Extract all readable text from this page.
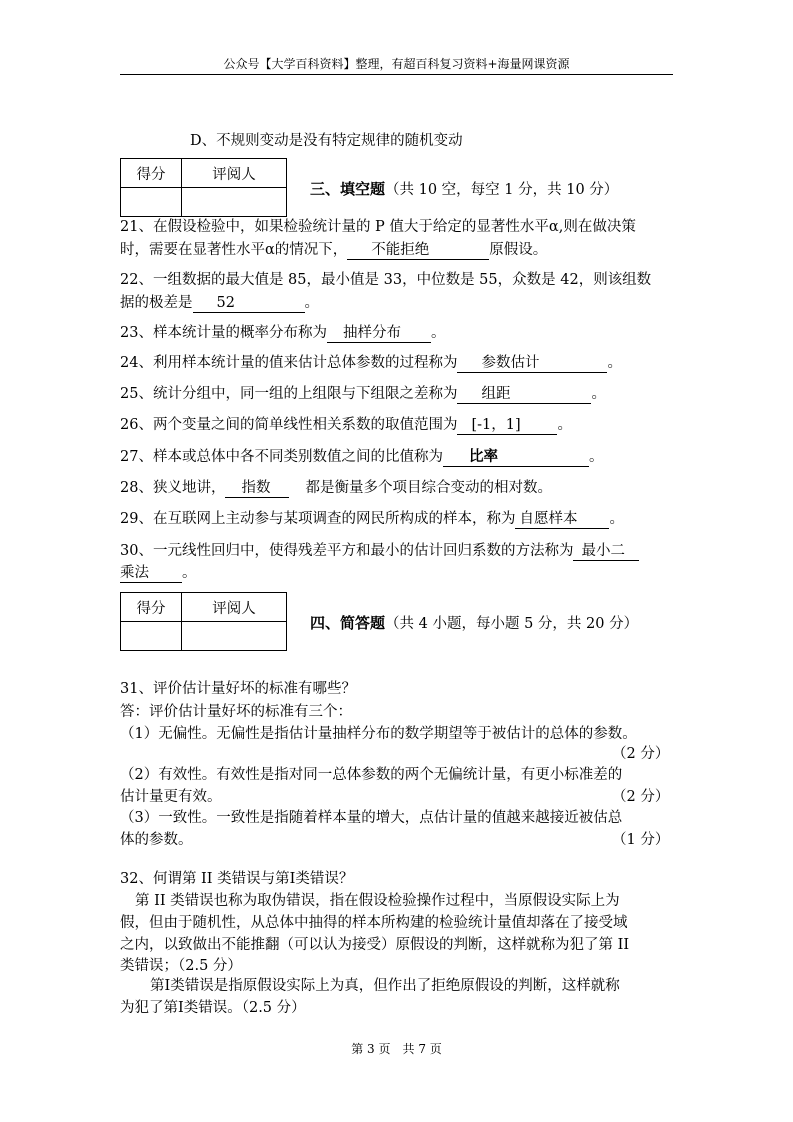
公众号【大学百科资料】整理，有超百科复习资料+海量网课资源
D、不规则变动是没有特定规律的随机变动
得分	评阅人

三、填空题（共 10 空，每空 1 分，共 10 分）
21、在假设检验中，如果检验统计量的 P 值大于给定的显著性水平α,则在做决策
时，需要在显著性水平α的情况下， 不能拒绝	原假设。
22、一组数据的最大值是 85，最小值是 33，中位数是 55，众数是 42，则该组数
据的极差是 52	。
23、样本统计量的概率分布称为 抽样分布 。
24、利用样本统计量的值来估计总体参数的过程称为 参数估计	。
25、统计分组中，同一组的上组限与下组限之差称为 组距	。
26、两个变量之间的简单线性相关系数的取值范围为 [-1，1]	。
27、样本或总体中各不同类别数值之间的比值称为 比率	。
28、狭义地讲， 指数 都是衡量多个项目综合变动的相对数。
29、在互联网上主动参与某项调查的网民所构成的样本，称为 自愿样本 。
30、一元线性回归中，使得残差平方和最小的估计回归系数的方法称为 最小二
乘法 。
得分	评阅人

四、简答题（共 4 小题，每小题 5 分，共 20 分）
31、评价估计量好坏的标准有哪些？
答：评价估计量好坏的标准有三个：
（1）无偏性。无偏性是指估计量抽样分布的数学期望等于被估计的总体的参数。
（2 分）
（2）有效性。有效性是指对同一总体参数的两个无偏统计量，有更小标准差的
估计量更有效。	（2 分）
（3）一致性。一致性是指随着样本量的增大，点估计量的值越来越接近被估总
体的参数。	（1 分）
32、何谓第 II 类错误与第Ⅰ类错误？
第 II 类错误也称为取伪错误，指在假设检验操作过程中，当原假设实际上为
假，但由于随机性，从总体中抽得的样本所构建的检验统计量值却落在了接受域
之内，以致做出不能推翻（可以认为接受）原假设的判断，这样就称为犯了第 II
类错误；（2.5 分）
第Ⅰ类错误是指原假设实际上为真，但作出了拒绝原假设的判断，这样就称
为犯了第Ⅰ类错误。（2.5 分）
第 3 页　共 7 页
